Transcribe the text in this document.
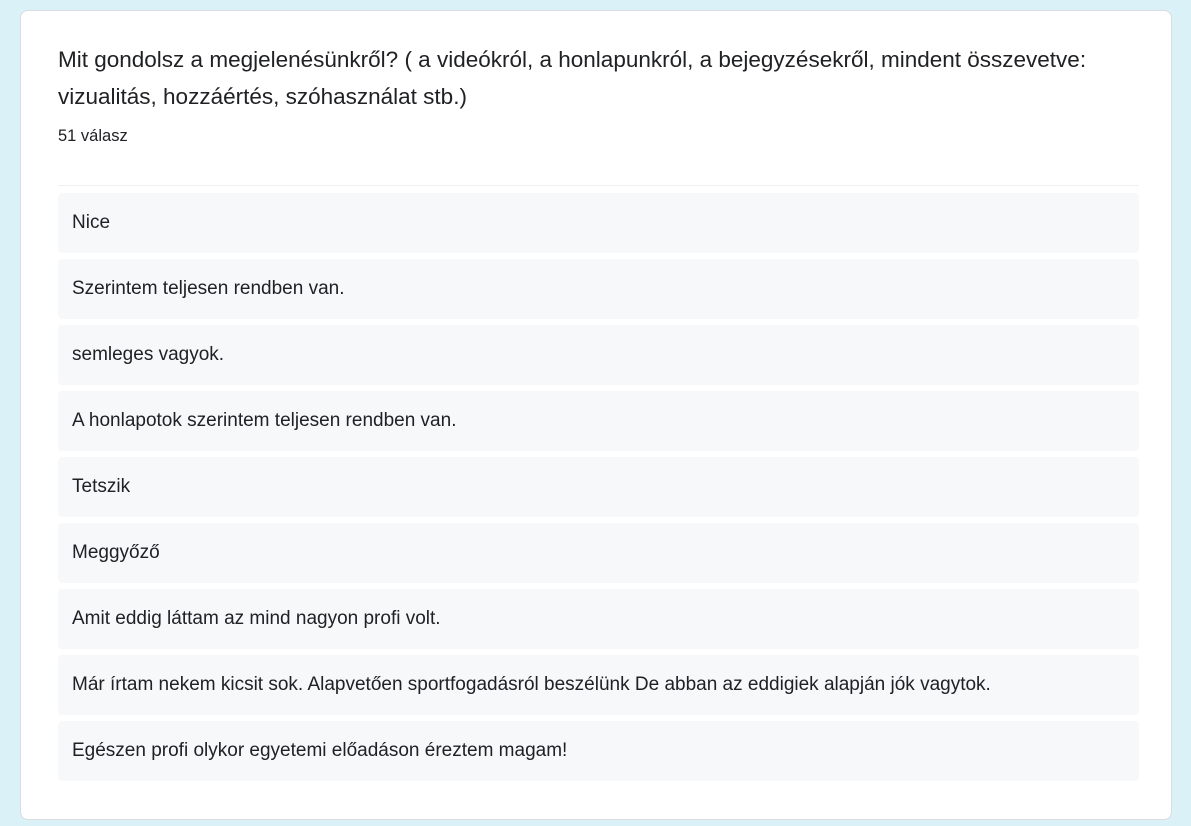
Mit gondolsz a megjelenésünkről? ( a videókról, a honlapunkról, a bejegyzésekről, mindent összevetve: vizualitás, hozzáértés, szóhasználat stb.)
51 válasz
Nice
Szerintem teljesen rendben van.
semleges vagyok.
A honlapotok szerintem teljesen rendben van.
Tetszik
Meggyőző
Amit eddig láttam az mind nagyon profi volt.
Már írtam nekem kicsit sok. Alapvetően sportfogadásról beszélünk De abban az eddigiek alapján jók vagytok.
Egészen profi olykor egyetemi előadáson éreztem magam!
